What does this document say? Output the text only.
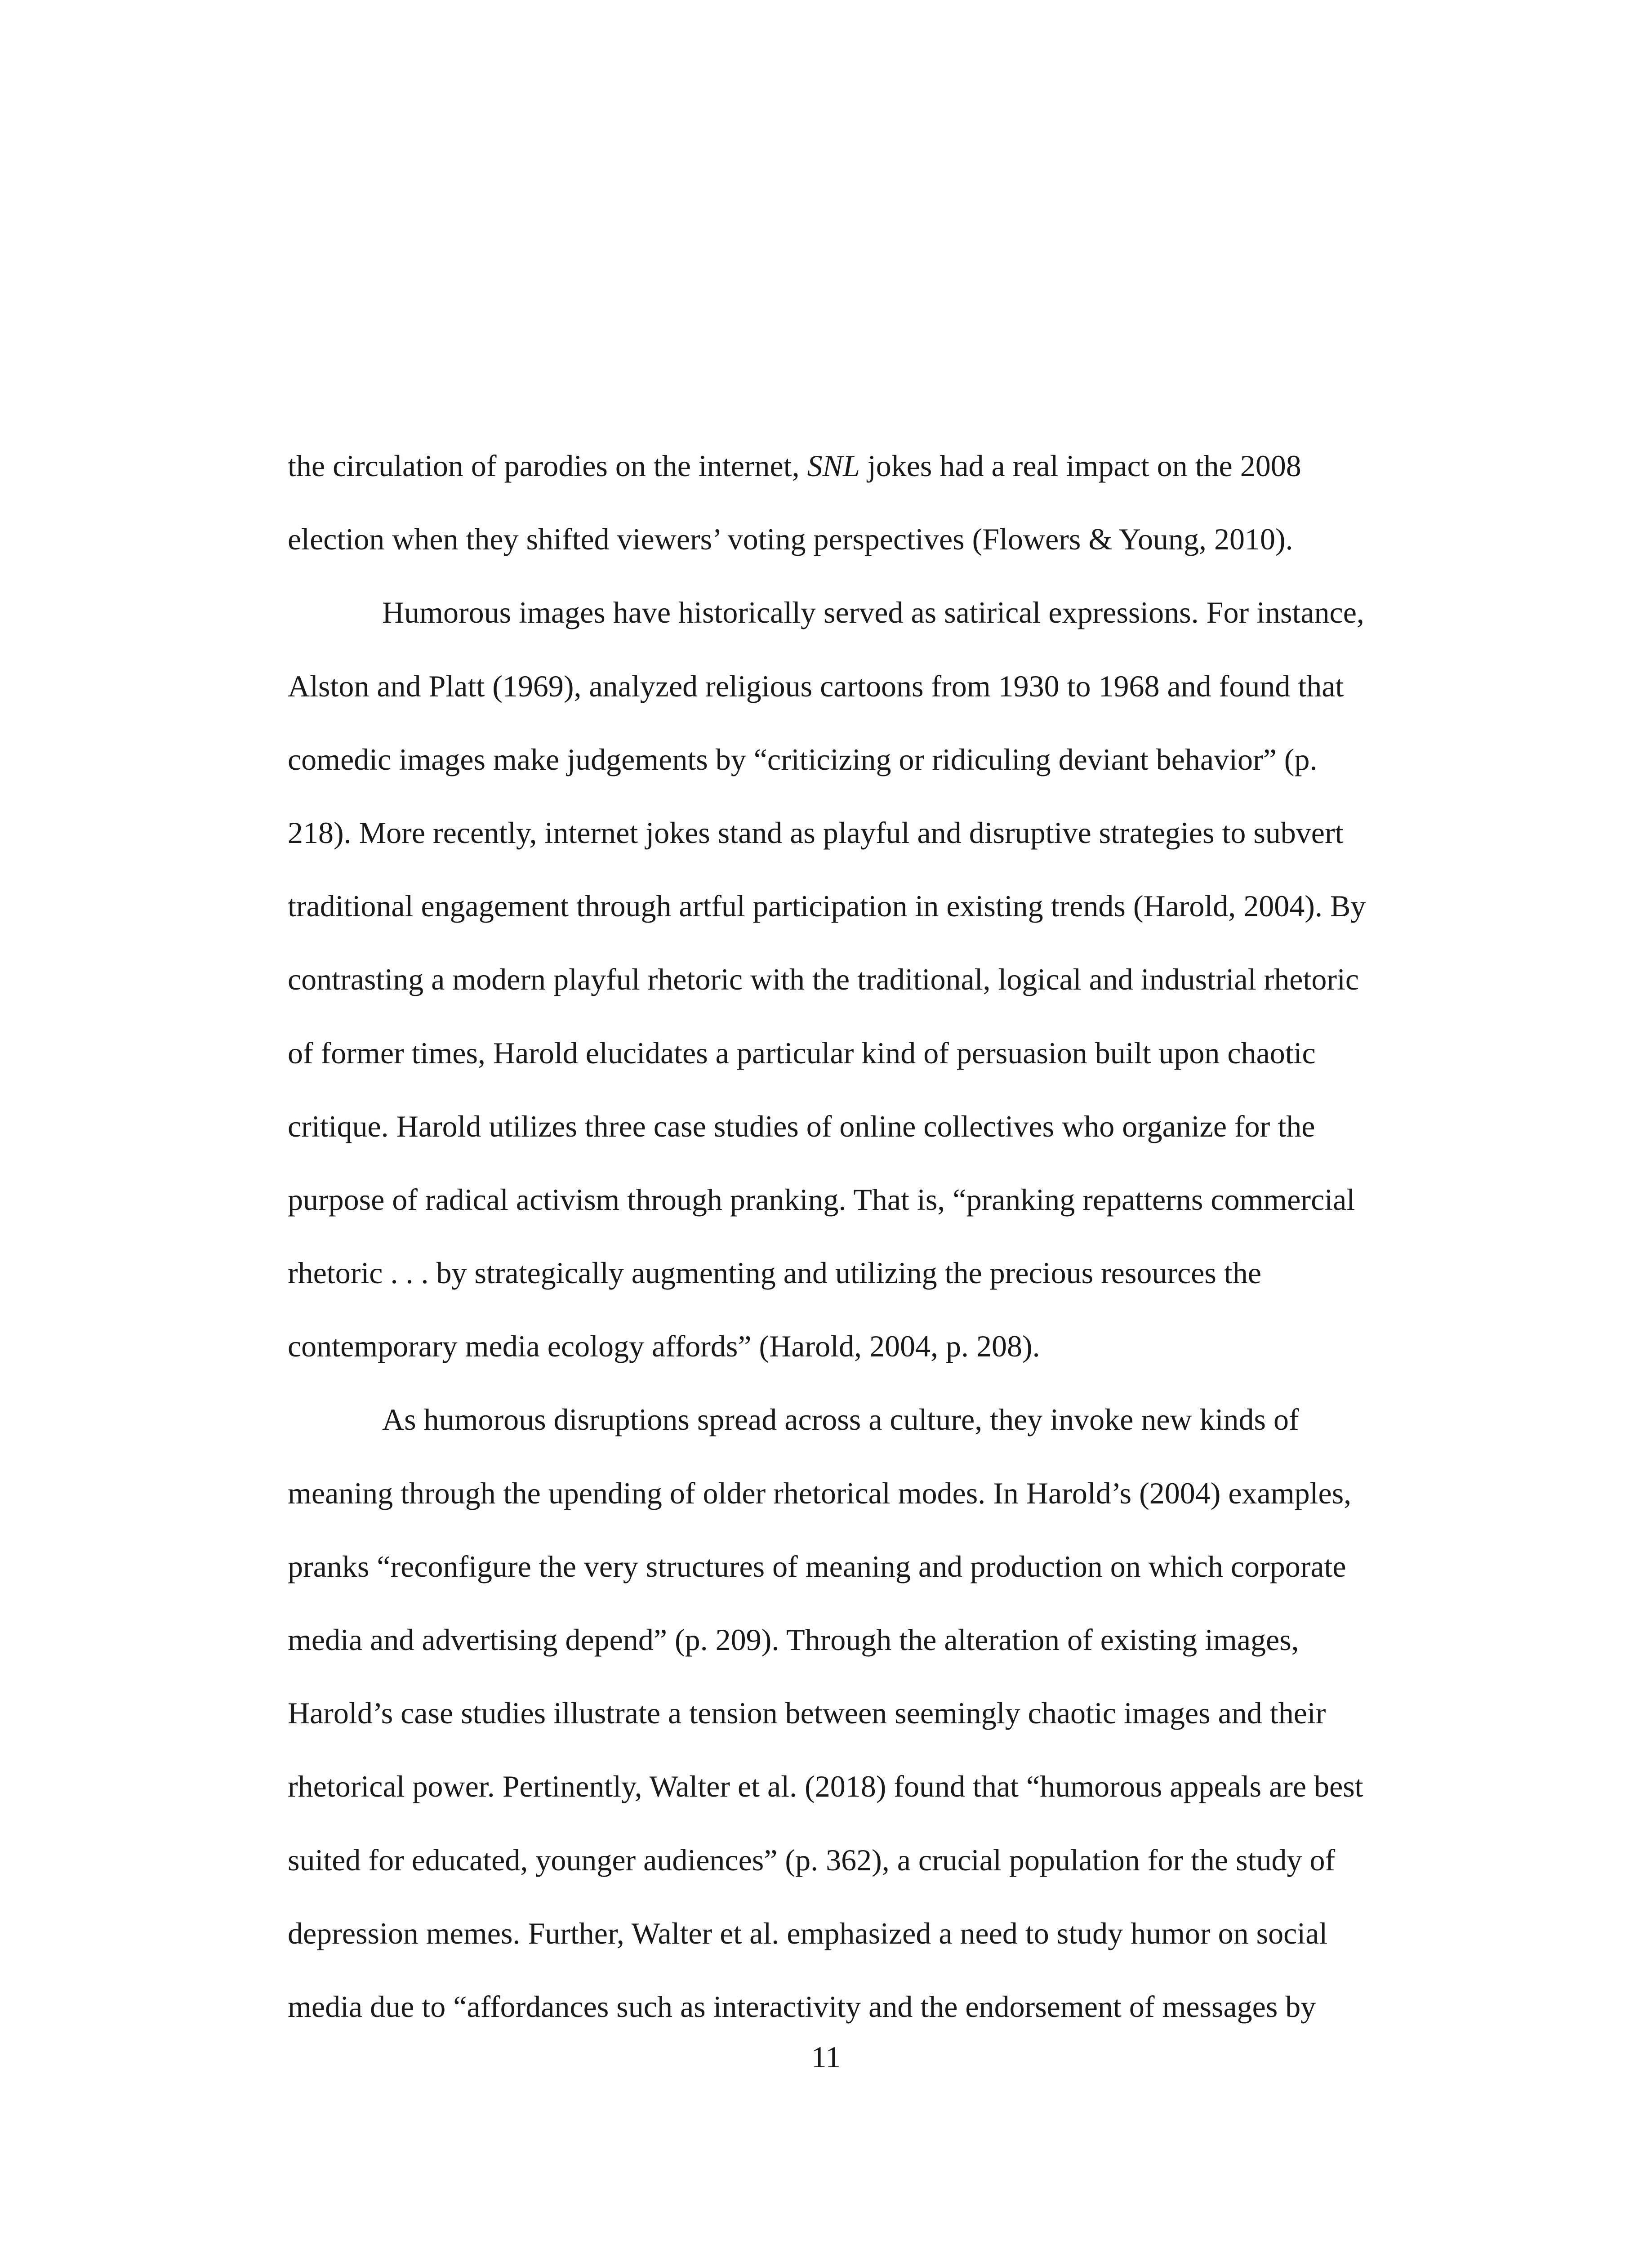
the circulation of parodies on the internet, SNL jokes had a real impact on the 2008
election when they shifted viewers’ voting perspectives (Flowers & Young, 2010).
Humorous images have historically served as satirical expressions. For instance,
Alston and Platt (1969), analyzed religious cartoons from 1930 to 1968 and found that
comedic images make judgements by “criticizing or ridiculing deviant behavior” (p.
218). More recently, internet jokes stand as playful and disruptive strategies to subvert
traditional engagement through artful participation in existing trends (Harold, 2004). By
contrasting a modern playful rhetoric with the traditional, logical and industrial rhetoric
of former times, Harold elucidates a particular kind of persuasion built upon chaotic
critique. Harold utilizes three case studies of online collectives who organize for the
purpose of radical activism through pranking. That is, “pranking repatterns commercial
rhetoric . . . by strategically augmenting and utilizing the precious resources the
contemporary media ecology affords” (Harold, 2004, p. 208).
As humorous disruptions spread across a culture, they invoke new kinds of
meaning through the upending of older rhetorical modes. In Harold’s (2004) examples,
pranks “reconfigure the very structures of meaning and production on which corporate
media and advertising depend” (p. 209). Through the alteration of existing images,
Harold’s case studies illustrate a tension between seemingly chaotic images and their
rhetorical power. Pertinently, Walter et al. (2018) found that “humorous appeals are best
suited for educated, younger audiences” (p. 362), a crucial population for the study of
depression memes. Further, Walter et al. emphasized a need to study humor on social
media due to “affordances such as interactivity and the endorsement of messages by
11
